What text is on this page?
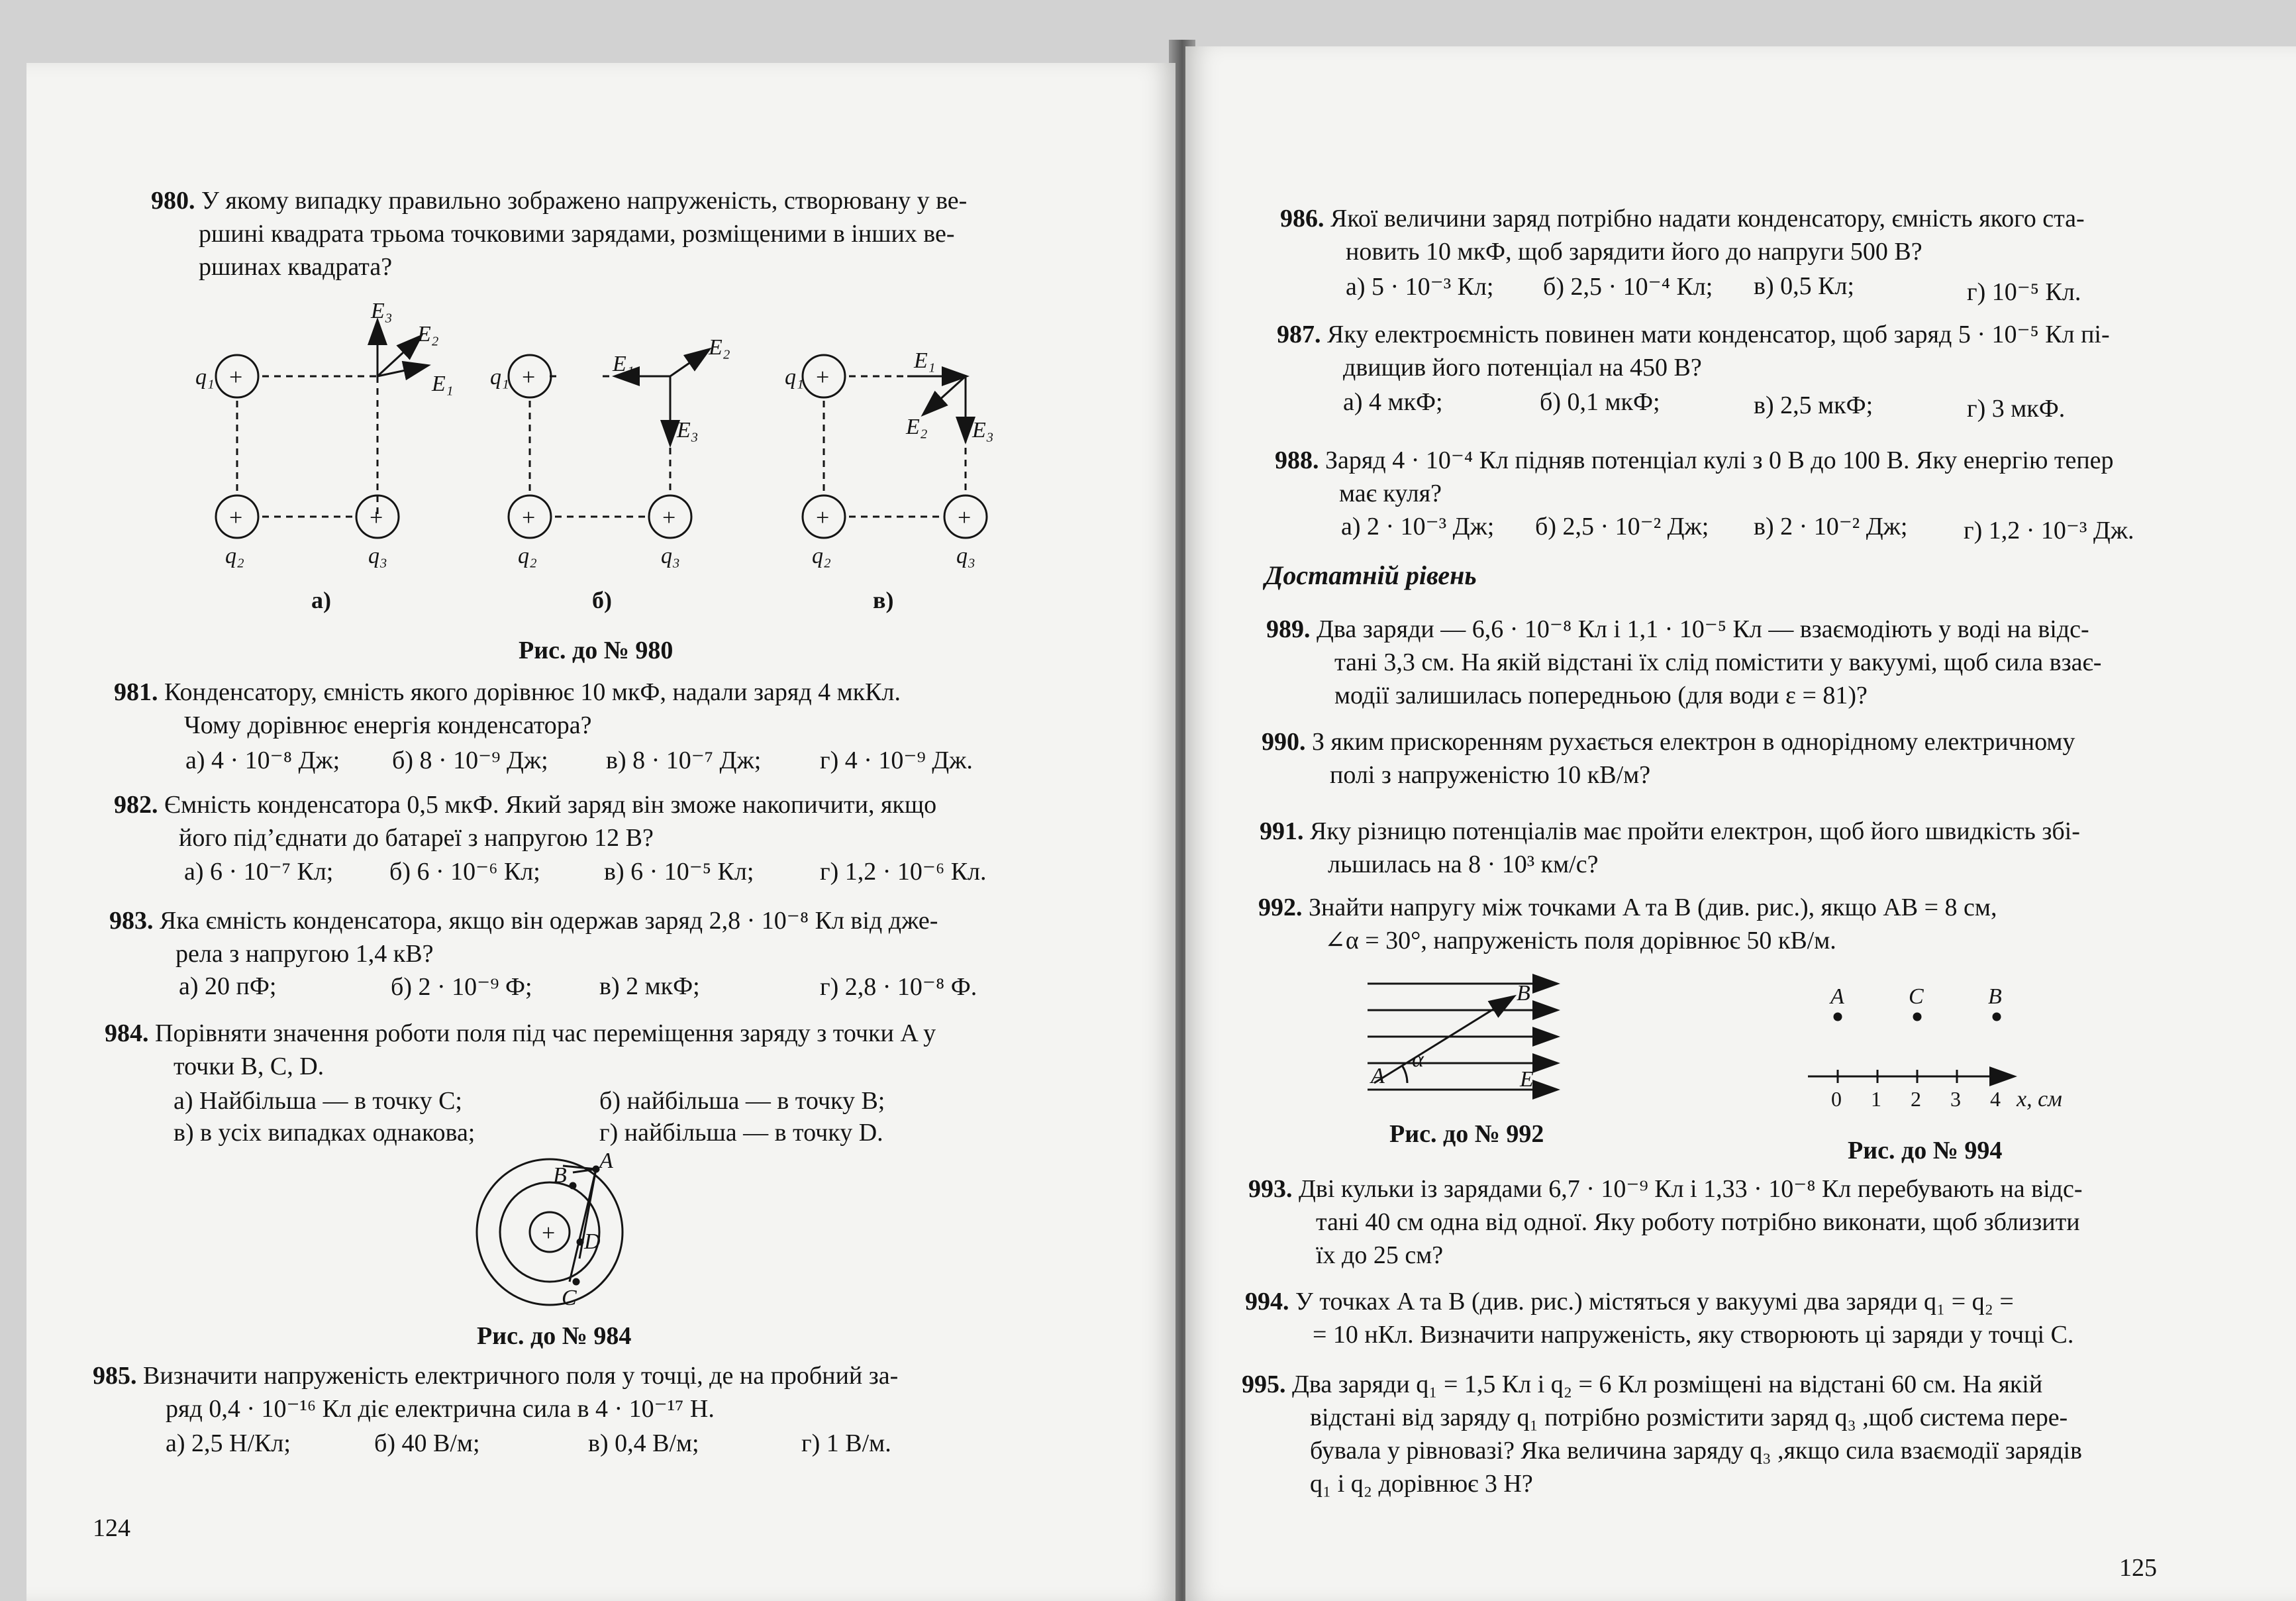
980. У якому випадку правильно зображено напруженість, створювану у ве-
ршині квадрата трьома точковими зарядами, розміщеними в інших ве-
ршинах квадрата?
+
+	+
+
+	+
+
+	+
q₁
q₂	q₃
E₃
E₂
E₁ q₁
q₂	q₃
E₁
E₂
E₃
q₁
q₂	q₃
E₁
E₂ E₃
а)	б)	в)
Рис. до № 980
981. Конденсатору, ємність якого дорівнює 10 мкФ, надали заряд 4 мкКл.
Чому дорівнює енергія конденсатора?
а) 4 · 10⁻⁸ Дж; б) 8 · 10⁻⁹ Дж; в) 8 · 10⁻⁷ Дж; г) 4 · 10⁻⁹ Дж.
982. Ємність конденсатора 0,5 мкФ. Який заряд він зможе накопичити, якщо
його під’єднати до батареї з напругою 12 В?
а) 6 · 10⁻⁷ Кл; б) 6 · 10⁻⁶ Кл;	в) 6 · 10⁻⁵ Кл;	г) 1,2 · 10⁻⁶ Кл.
983. Яка ємність конденсатора, якщо він одержав заряд 2,8 · 10⁻⁸ Кл від дже-
рела з напругою 1,4 кВ?
а) 20 пФ;	б) 2 · 10⁻⁹ Ф;	в) 2 мкФ;	г) 2,8 · 10⁻⁸ Ф.
984. Порівняти значення роботи поля під час переміщення заряду з точки A у
точки B, C, D.
а) Найбільша — в точку C;	б) найбільша — в точку B;
в) в усіх випадках однакова;	г) найбільша — в точку D.
A
B
C
D
+
Рис. до № 984
985. Визначити напруженість електричного поля у точці, де на пробний за-
ряд 0,4 · 10⁻¹⁶ Кл діє електрична сила в 4 · 10⁻¹⁷ Н.
а) 2,5 Н/Кл;	б) 40 В/м;	в) 0,4 В/м;	г) 1 В/м.
124
986. Якої величини заряд потрібно надати конденсатору, ємність якого ста-
новить 10 мкФ, щоб зарядити його до напруги 500 В?
а) 5 · 10⁻³ Кл; б) 2,5 · 10⁻⁴ Кл; в) 0,5 Кл;	г) 10⁻⁵ Кл.
987. Яку електроємність повинен мати конденсатор, щоб заряд 5 · 10⁻⁵ Кл пі-
двищив його потенціал на 450 В?
а) 4 мкФ;	б) 0,1 мкФ;	в) 2,5 мкФ;	г) 3 мкФ.
988. Заряд 4 · 10⁻⁴ Кл підняв потенціал кулі з 0 В до 100 В. Яку енергію тепер
має куля?
а) 2 · 10⁻³ Дж; б) 2,5 · 10⁻² Дж; в) 2 · 10⁻² Дж; г) 1,2 · 10⁻³ Дж.
Достатній рівень
989. Два заряди — 6,6 · 10⁻⁸ Кл і 1,1 · 10⁻⁵ Кл — взаємодіють у воді на відс-
тані 3,3 см. На якій відстані їх слід помістити у вакуумі, щоб сила взає-
модії залишилась попередньою (для води ε = 81)?
990. З яким прискоренням рухається електрон в однорідному електричному
полі з напруженістю 10 кВ/м?
991. Яку різницю потенціалів має пройти електрон, щоб його швидкість збі-
льшилась на 8 · 10³ км/с?
992. Знайти напругу між точками A та B (див. рис.), якщо AB = 8 см,
∠α = 30°, напруженість поля дорівнює 50 кВ/м.
A
B
E
α
Рис. до № 992
A	C	B
x, см
0 1 2 3 4
Рис. до № 994
993. Дві кульки із зарядами 6,7 · 10⁻⁹ Кл і 1,33 · 10⁻⁸ Кл перебувають на відс-
тані 40 см одна від одної. Яку роботу потрібно виконати, щоб зблизити
їх до 25 см?
994. У точках A та B (див. рис.) містяться у вакуумі два заряди q₁ = q₂ =
= 10 нКл. Визначити напруженість, яку створюють ці заряди у точці C.
995. Два заряди q₁ = 1,5 Кл і q₂ = 6 Кл розміщені на відстані 60 см. На якій
відстані від заряду q₁ потрібно розмістити заряд q₃ ,щоб система пере-
бувала у рівновазі? Яка величина заряду q₃ ,якщо сила взаємодії зарядів
q₁ і q₂ дорівнює 3 Н?
125
